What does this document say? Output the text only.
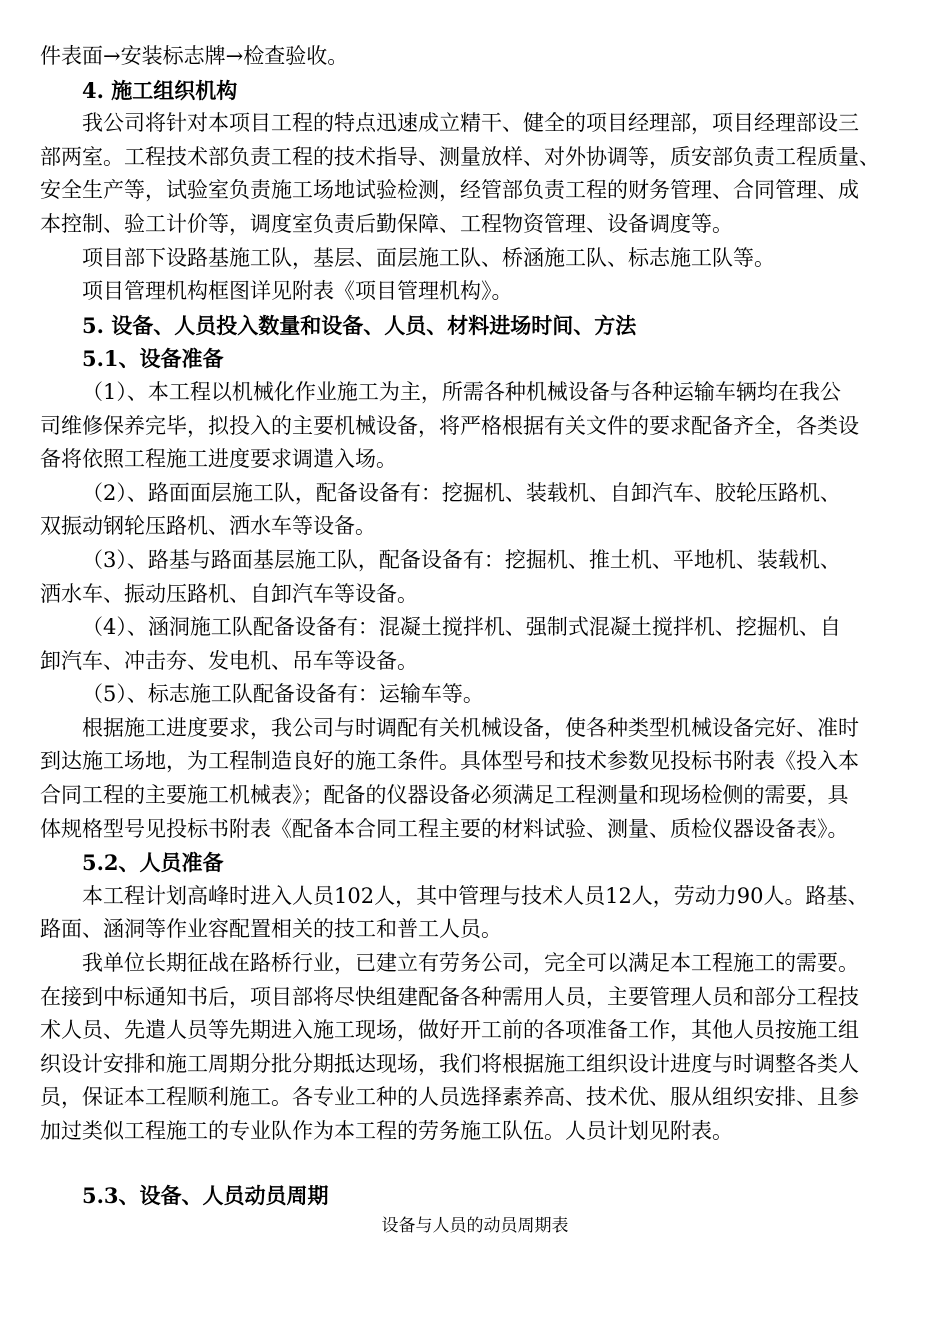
件表面→安装标志牌→检查验收。
4. 施工组织机构
我公司将针对本项目工程的特点迅速成立精干、健全的项目经理部，项目经理部设三
部两室。工程技术部负责工程的技术指导、测量放样、对外协调等，质安部负责工程质量、
安全生产等，试验室负责施工场地试验检测，经管部负责工程的财务管理、合同管理、成
本控制、验工计价等，调度室负责后勤保障、工程物资管理、设备调度等。
项目部下设路基施工队，基层、面层施工队、桥涵施工队、标志施工队等。
项目管理机构框图详见附表《项目管理机构》。
5. 设备、人员投入数量和设备、人员、材料进场时间、方法
5.1、设备准备
（1）、本工程以机械化作业施工为主，所需各种机械设备与各种运输车辆均在我公
司维修保养完毕，拟投入的主要机械设备，将严格根据有关文件的要求配备齐全，各类设
备将依照工程施工进度要求调遣入场。
（2）、路面面层施工队，配备设备有：挖掘机、装载机、自卸汽车、胶轮压路机、
双振动钢轮压路机、洒水车等设备。
（3）、路基与路面基层施工队，配备设备有：挖掘机、推土机、平地机、装载机、
洒水车、振动压路机、自卸汽车等设备。
（4）、涵洞施工队配备设备有：混凝土搅拌机、强制式混凝土搅拌机、挖掘机、自
卸汽车、冲击夯、发电机、吊车等设备。
（5）、标志施工队配备设备有：运输车等。
根据施工进度要求，我公司与时调配有关机械设备，使各种类型机械设备完好、准时
到达施工场地，为工程制造良好的施工条件。具体型号和技术参数见投标书附表《投入本
合同工程的主要施工机械表》；配备的仪器设备必须满足工程测量和现场检侧的需要，具
体规格型号见投标书附表《配备本合同工程主要的材料试验、测量、质检仪器设备表》。
5.2、人员准备
本工程计划高峰时进入人员102人，其中管理与技术人员12人，劳动力90人。路基、
路面、涵洞等作业容配置相关的技工和普工人员。
我单位长期征战在路桥行业，已建立有劳务公司，完全可以满足本工程施工的需要。
在接到中标通知书后，项目部将尽快组建配备各种需用人员，主要管理人员和部分工程技
术人员、先遣人员等先期进入施工现场，做好开工前的各项准备工作，其他人员按施工组
织设计安排和施工周期分批分期抵达现场，我们将根据施工组织设计进度与时调整各类人
员，保证本工程顺利施工。各专业工种的人员选择素养高、技术优、服从组织安排、且参
加过类似工程施工的专业队作为本工程的劳务施工队伍。人员计划见附表。
5.3、设备、人员动员周期
设备与人员的动员周期表
